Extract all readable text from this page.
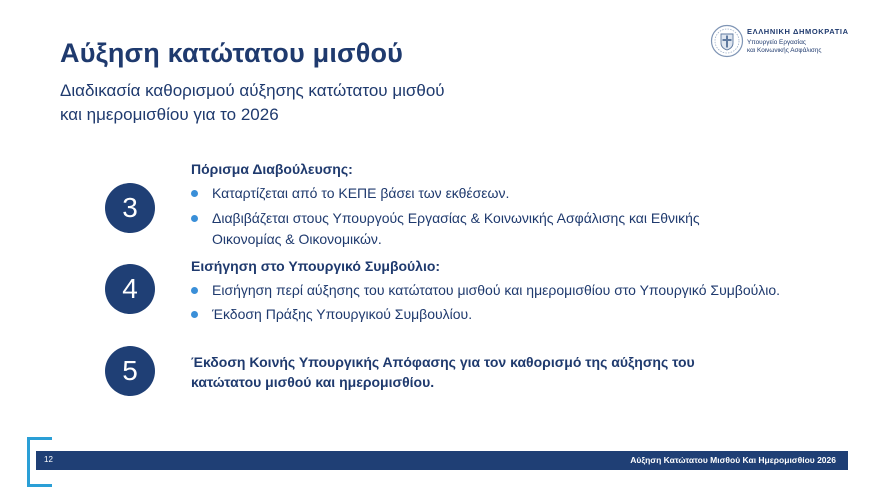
Αύξηση κατώτατου μισθού
Διαδικασία καθορισμού αύξησης κατώτατου μισθού
και ημερομισθίου για το 2026
ΕΛΛΗΝΙΚΗ ΔΗΜΟΚΡΑΤΙΑ
Υπουργείο Εργασίας
και Κοινωνικής Ασφάλισης
3
Πόρισμα Διαβούλευσης:
Καταρτίζεται από το ΚΕΠΕ βάσει των εκθέσεων.
Διαβιβάζεται στους Υπουργούς Εργασίας & Κοινωνικής Ασφάλισης και Εθνικής
Οικονομίας & Οικονομικών.
4
Εισήγηση στο Υπουργικό Συμβούλιο:
Εισήγηση περί αύξησης του κατώτατου μισθού και ημερομισθίου στο Υπουργικό Συμβούλιο.
Έκδοση Πράξης Υπουργικού Συμβουλίου.
5	Έκδοση Κοινής Υπουργικής Απόφασης για τον καθορισμό της αύξησης του
κατώτατου μισθού και ημερομισθίου.
12	Αύξηση Κατώτατου Μισθού Και Ημερομισθίου 2026
